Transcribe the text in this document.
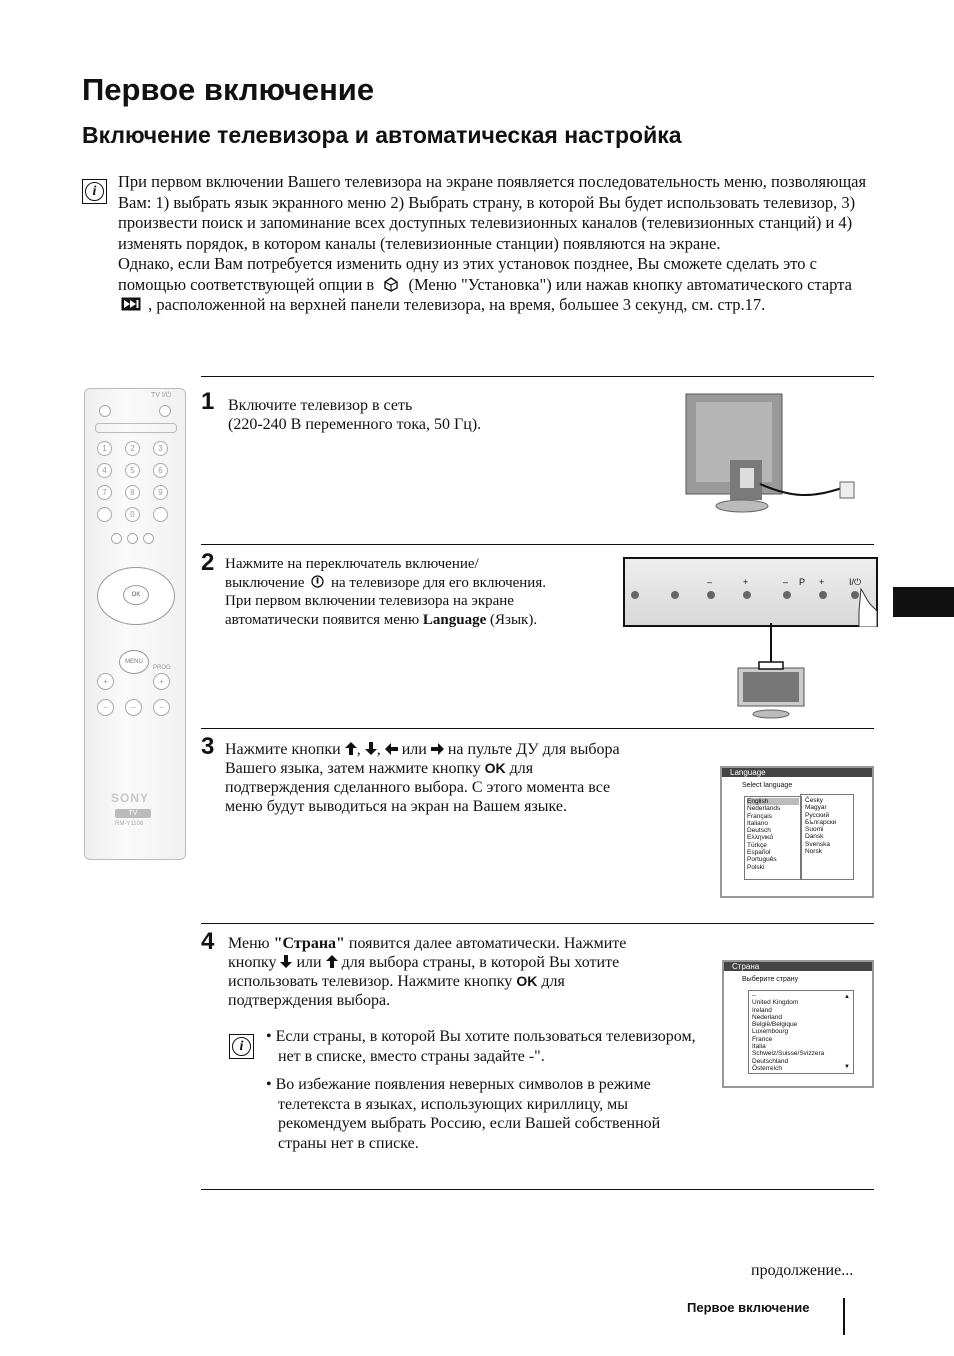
Первое включение
Включение телевизора и автоматическая настройка
i	При первом включении Вашего телевизора на экране появляется последовательность меню, позволяющая Вам: 1) выбрать язык экранного меню 2) Выбрать страну, в которой Вы будет использовать телевизор, 3) произвести поиск и запоминание всех доступных телевизионных каналов (телевизионных станций) и 4) изменять порядок, в котором каналы (телевизионные станции) появляются на экране.

Однако, если Вам потребуется изменить одну из этих установок позднее, Вы сможете сделать это с помощью соответствующей опции в (Меню "Установка") или нажав кнопку автоматического старта  , расположенной на верхней панели телевизора, на время, большее 3 секунд, см. стр.17.

TV I/⏻
1	2	3
4	5	6
7	8	9
0
OK
MENU
PROG
+	+
−	−	−
SONY
TV
RM-Y1108
1 Включите телевизор в сеть
(220-240 В переменного тока, 50 Гц).
2 Нажмите на переключатель включение/
выключение на телевизоре для его включения.
При первом включении телевизора на экране
автоматически появится меню Language (Язык).
–	+	– P +	I/⏻
3 Нажмите кнопки , ,  или на пульте ДУ для выбора
Вашего языка, затем нажмите кнопку OK для
подтверждения сделанного выбора. С этого момента все
меню будут выводиться на экран на Вашем языке.
Language
Select language
English
Nederlands
Français
Italiano
Deutsch
Ελληνικά
Türkçe
Español
Português
Polski
Česky
Magyar
Русский
Български
Suomi
Dansk
Svenska
Norsk
4 Меню "Страна" появится далее автоматически. Нажмите
кнопку или для выбора страны, в которой Вы хотите
использовать телевизор. Нажмите кнопку OK для
подтверждения выбора.
i

• Если страны, в которой Вы хотите пользоваться телевизором, нет в списке, вместо страны задайте -".

• Во избежание появления неверных символов в режиме телетекста в языках, использующих кириллицу, мы рекомендуем выбрать Россию, если Вашей собственной страны нет в списке.

Страна
Выберите страну
–
United Kingdom
Ireland
Nederland
België/Belgique
Luxembourg
France
Italia
Schweiz/Suisse/Svizzera
Deutschland
Österreich
▲
▼
продолжение...
Первое включение
